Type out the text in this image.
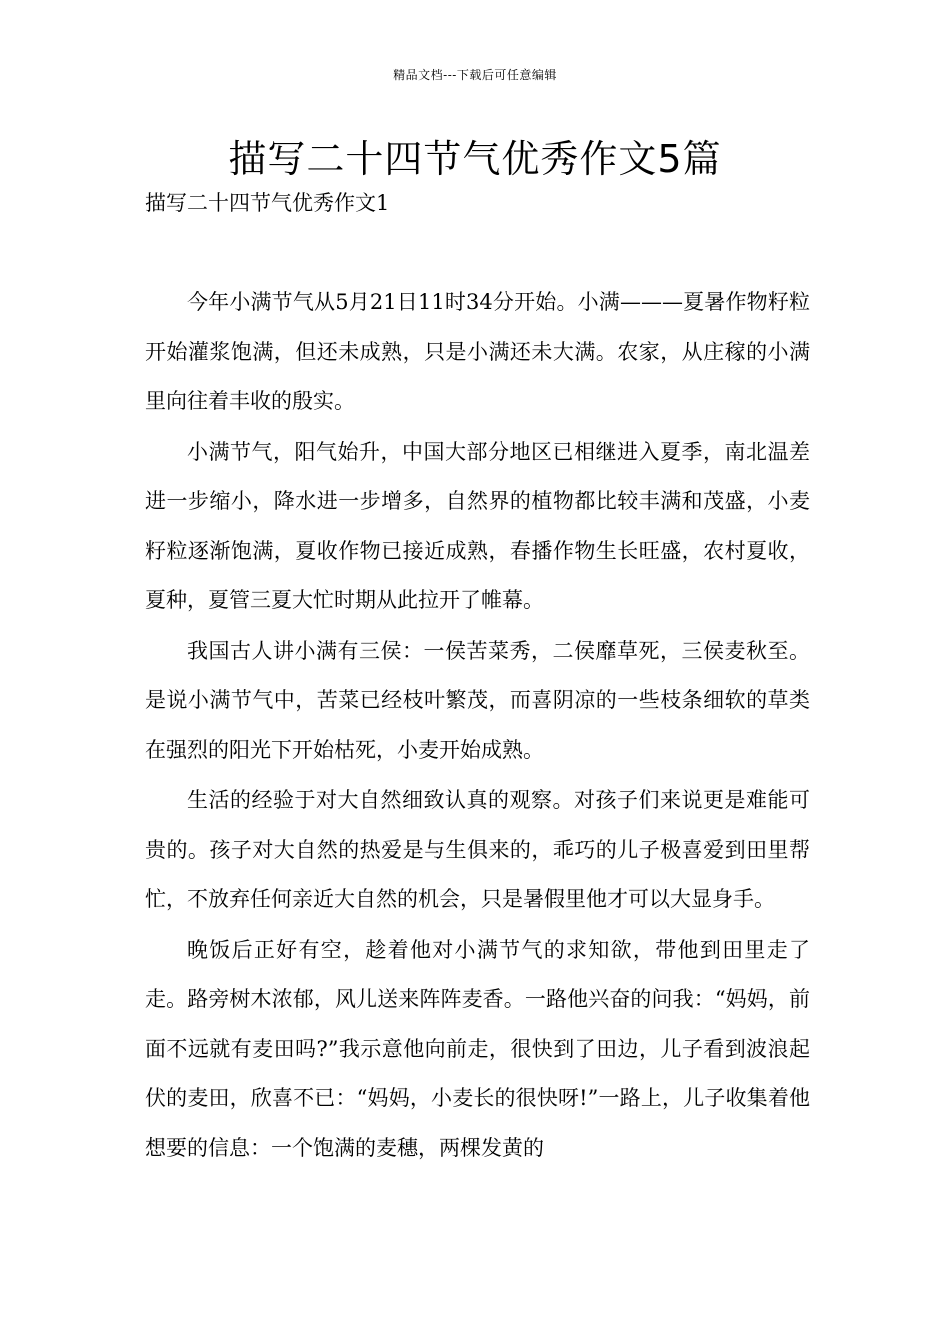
精品文档---下载后可任意编辑
描写二十四节气优秀作文5篇
描写二十四节气优秀作文1

今年小满节气从5月21日11时34分开始。小满———夏暑作物籽粒开始灌浆饱满，但还未成熟，只是小满还未大满。农家，从庄稼的小满里向往着丰收的殷实。

小满节气，阳气始升，中国大部分地区已相继进入夏季，南北温差进一步缩小，降水进一步增多，自然界的植物都比较丰满和茂盛，小麦籽粒逐渐饱满，夏收作物已接近成熟，春播作物生长旺盛，农村夏收，夏种，夏管三夏大忙时期从此拉开了帷幕。

我国古人讲小满有三侯：一侯苦菜秀，二侯靡草死，三侯麦秋至。是说小满节气中，苦菜已经枝叶繁茂，而喜阴凉的一些枝条细软的草类在强烈的阳光下开始枯死，小麦开始成熟。

生活的经验于对大自然细致认真的观察。对孩子们来说更是难能可贵的。孩子对大自然的热爱是与生俱来的，乖巧的儿子极喜爱到田里帮忙，不放弃任何亲近大自然的机会，只是暑假里他才可以大显身手。

晚饭后正好有空，趁着他对小满节气的求知欲，带他到田里走了走。路旁树木浓郁，风儿送来阵阵麦香。一路他兴奋的问我：“妈妈，前面不远就有麦田吗?”我示意他向前走，很快到了田边，儿子看到波浪起伏的麦田，欣喜不已：“妈妈，小麦长的很快呀!”一路上，儿子收集着他想要的信息：一个饱满的麦穗，两棵发黄的
